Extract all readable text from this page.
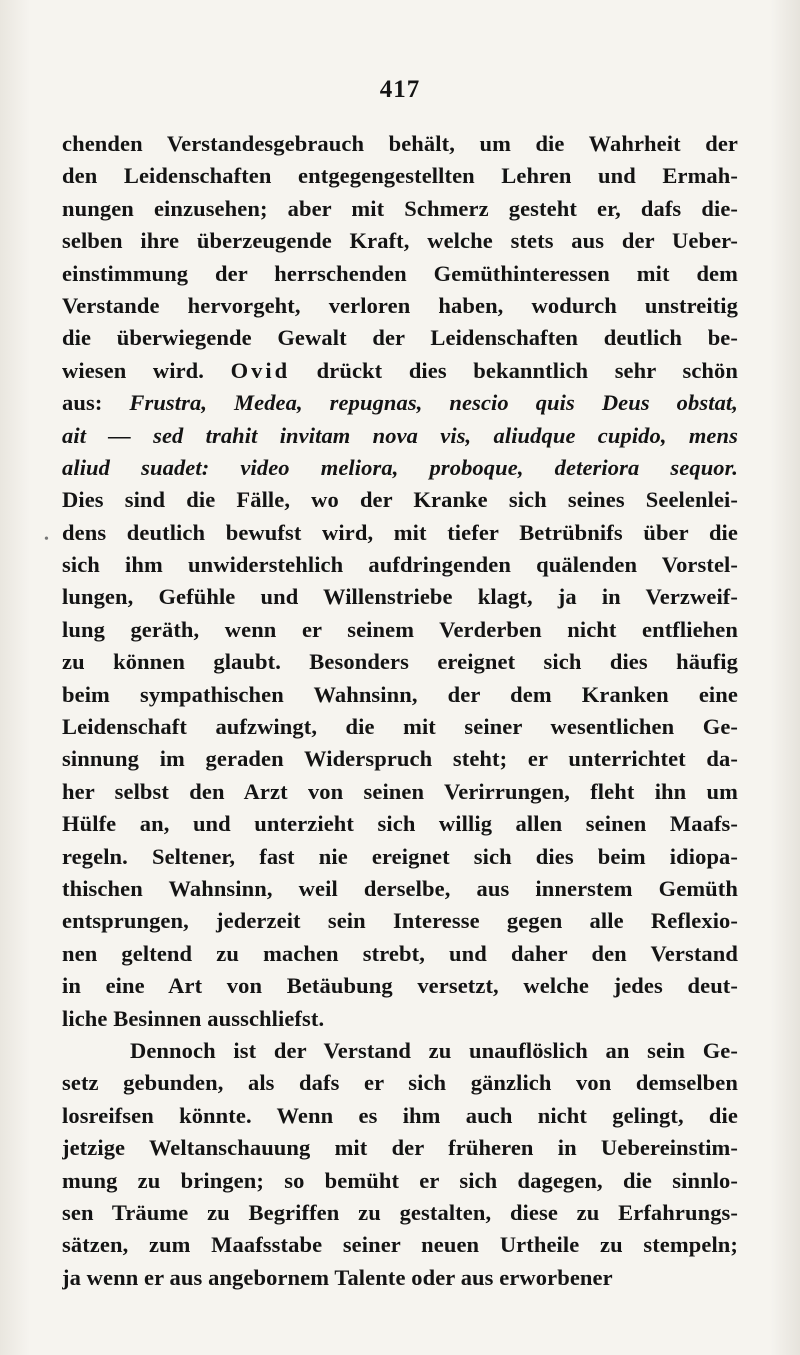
417
•
chenden Verstandesgebrauch behält, um die Wahrheit der
den Leidenschaften entgegengestellten Lehren und Ermah-
nungen einzusehen; aber mit Schmerz gesteht er, dafs die-
selben ihre überzeugende Kraft, welche stets aus der Ueber-
einstimmung der herrschenden Gemüthinteressen mit dem
Verstande hervorgeht, verloren haben, wodurch unstreitig
die überwiegende Gewalt der Leidenschaften deutlich be-
wiesen wird. Ovid drückt dies bekanntlich sehr schön
aus: Frustra, Medea, repugnas, nescio quis Deus obstat,
ait — sed trahit invitam nova vis, aliudque cupido, mens
aliud suadet: video meliora, proboque, deteriora sequor.
Dies sind die Fälle, wo der Kranke sich seines Seelenlei-
dens deutlich bewufst wird, mit tiefer Betrübnifs über die
sich ihm unwiderstehlich aufdringenden quälenden Vorstel-
lungen, Gefühle und Willenstriebe klagt, ja in Verzweif-
lung geräth, wenn er seinem Verderben nicht entfliehen
zu können glaubt. Besonders ereignet sich dies häufig
beim sympathischen Wahnsinn, der dem Kranken eine
Leidenschaft aufzwingt, die mit seiner wesentlichen Ge-
sinnung im geraden Widerspruch steht; er unterrichtet da-
her selbst den Arzt von seinen Verirrungen, fleht ihn um
Hülfe an, und unterzieht sich willig allen seinen Maafs-
regeln. Seltener, fast nie ereignet sich dies beim idiopa-
thischen Wahnsinn, weil derselbe, aus innerstem Gemüth
entsprungen, jederzeit sein Interesse gegen alle Reflexio-
nen geltend zu machen strebt, und daher den Verstand
in eine Art von Betäubung versetzt, welche jedes deut-
liche Besinnen ausschliefst.
Dennoch ist der Verstand zu unauflöslich an sein Ge-
setz gebunden, als dafs er sich gänzlich von demselben
losreifsen könnte. Wenn es ihm auch nicht gelingt, die
jetzige Weltanschauung mit der früheren in Uebereinstim-
mung zu bringen; so bemüht er sich dagegen, die sinnlo-
sen Träume zu Begriffen zu gestalten, diese zu Erfahrungs-
sätzen, zum Maafsstabe seiner neuen Urtheile zu stempeln;
ja wenn er aus angebornem Talente oder aus erworbener
